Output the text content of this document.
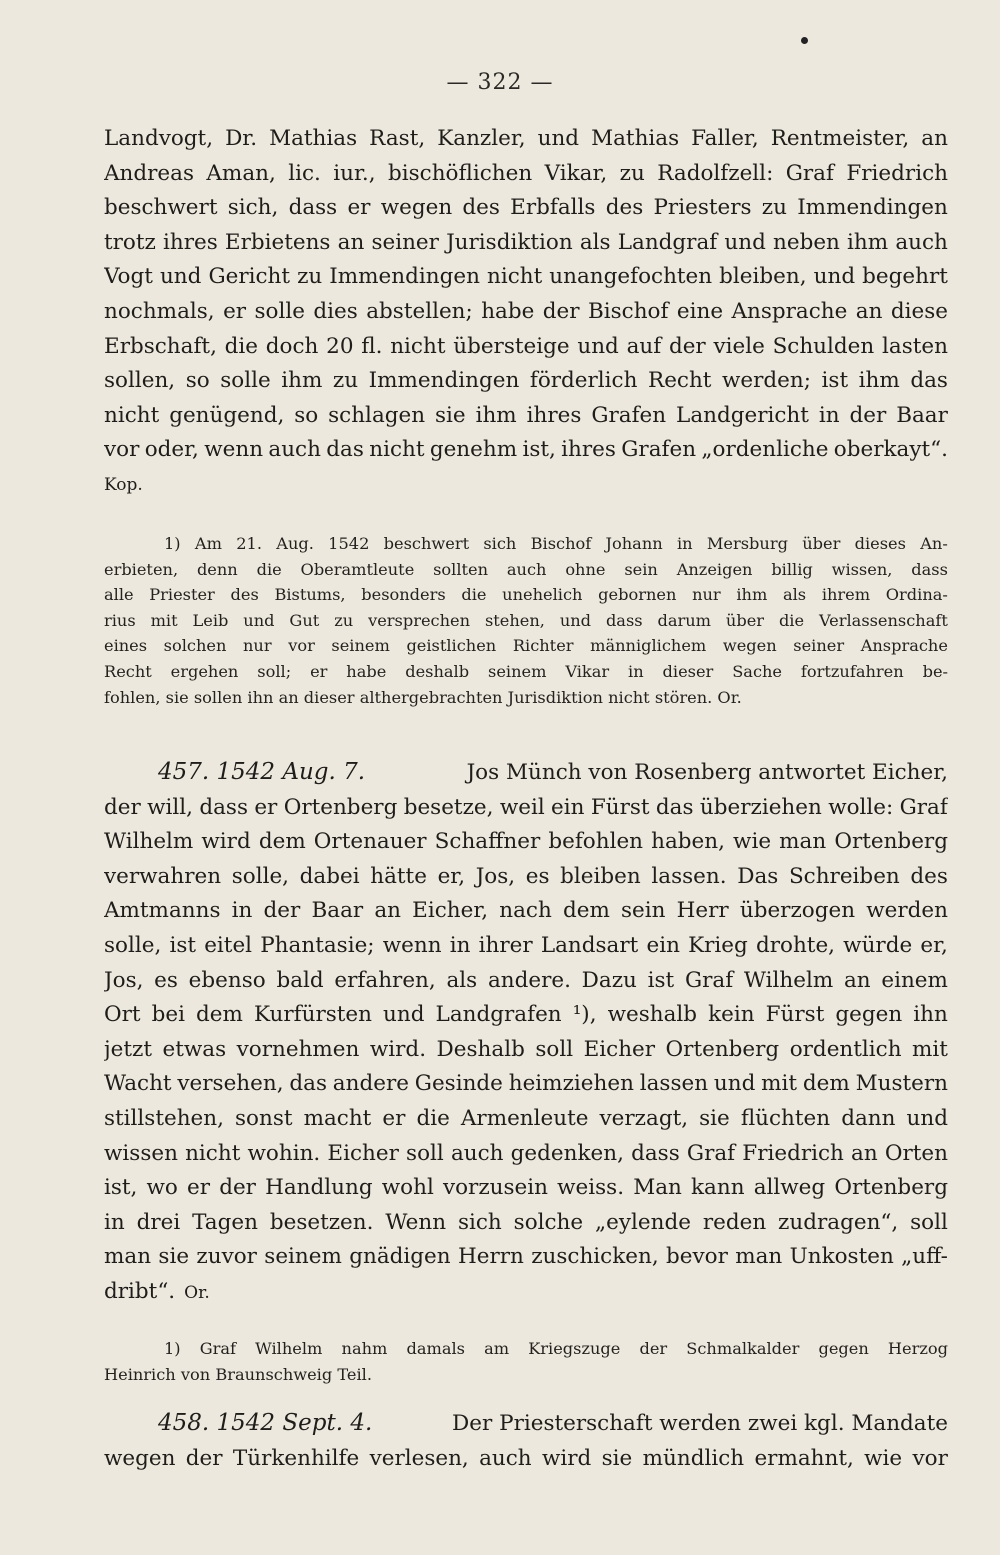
— 322 —
Landvogt, Dr. Mathias Rast, Kanzler, und Mathias Faller, Rentmeister, an
Andreas Aman, lic. iur., bischöflichen Vikar, zu Radolfzell: Graf Friedrich
beschwert sich, dass er wegen des Erbfalls des Priesters zu Immendingen
trotz ihres Erbietens an seiner Jurisdiktion als Landgraf und neben ihm auch
Vogt und Gericht zu Immendingen nicht unangefochten bleiben, und begehrt
nochmals, er solle dies abstellen; habe der Bischof eine Ansprache an diese
Erbschaft, die doch 20 fl. nicht übersteige und auf der viele Schulden lasten
sollen, so solle ihm zu Immendingen förderlich Recht werden; ist ihm das
nicht genügend, so schlagen sie ihm ihres Grafen Landgericht in der Baar
vor oder, wenn auch das nicht genehm ist, ihres Grafen „ordenliche oberkayt“.
Kop.
1) Am 21. Aug. 1542 beschwert sich Bischof Johann in Mersburg über dieses An-
erbieten, denn die Oberamtleute sollten auch ohne sein Anzeigen billig wissen, dass
alle Priester des Bistums, besonders die unehelich gebornen nur ihm als ihrem Ordina-
rius mit Leib und Gut zu versprechen stehen, und dass darum über die Verlassenschaft
eines solchen nur vor seinem geistlichen Richter männiglichem wegen seiner Ansprache
Recht ergehen soll; er habe deshalb seinem Vikar in dieser Sache fortzufahren be-
fohlen, sie sollen ihn an dieser althergebrachten Jurisdiktion nicht stören. Or.
457. 1542 Aug. 7.	Jos Münch von Rosenberg antwortet Eicher,
der will, dass er Ortenberg besetze, weil ein Fürst das überziehen wolle: Graf
Wilhelm wird dem Ortenauer Schaffner befohlen haben, wie man Ortenberg
verwahren solle, dabei hätte er, Jos, es bleiben lassen. Das Schreiben des
Amtmanns in der Baar an Eicher, nach dem sein Herr überzogen werden
solle, ist eitel Phantasie; wenn in ihrer Landsart ein Krieg drohte, würde er,
Jos, es ebenso bald erfahren, als andere. Dazu ist Graf Wilhelm an einem
Ort bei dem Kurfürsten und Landgrafen ¹), weshalb kein Fürst gegen ihn
jetzt etwas vornehmen wird. Deshalb soll Eicher Ortenberg ordentlich mit
Wacht versehen, das andere Gesinde heimziehen lassen und mit dem Mustern
stillstehen, sonst macht er die Armenleute verzagt, sie flüchten dann und
wissen nicht wohin. Eicher soll auch gedenken, dass Graf Friedrich an Orten
ist, wo er der Handlung wohl vorzusein weiss. Man kann allweg Ortenberg
in drei Tagen besetzen. Wenn sich solche „eylende reden zudragen“, soll
man sie zuvor seinem gnädigen Herrn zuschicken, bevor man Unkosten „uff-
dribt“. Or.
1) Graf Wilhelm nahm damals am Kriegszuge der Schmalkalder gegen Herzog
Heinrich von Braunschweig Teil.
458. 1542 Sept. 4.	Der Priesterschaft werden zwei kgl. Mandate
wegen der Türkenhilfe verlesen, auch wird sie mündlich ermahnt, wie vor
